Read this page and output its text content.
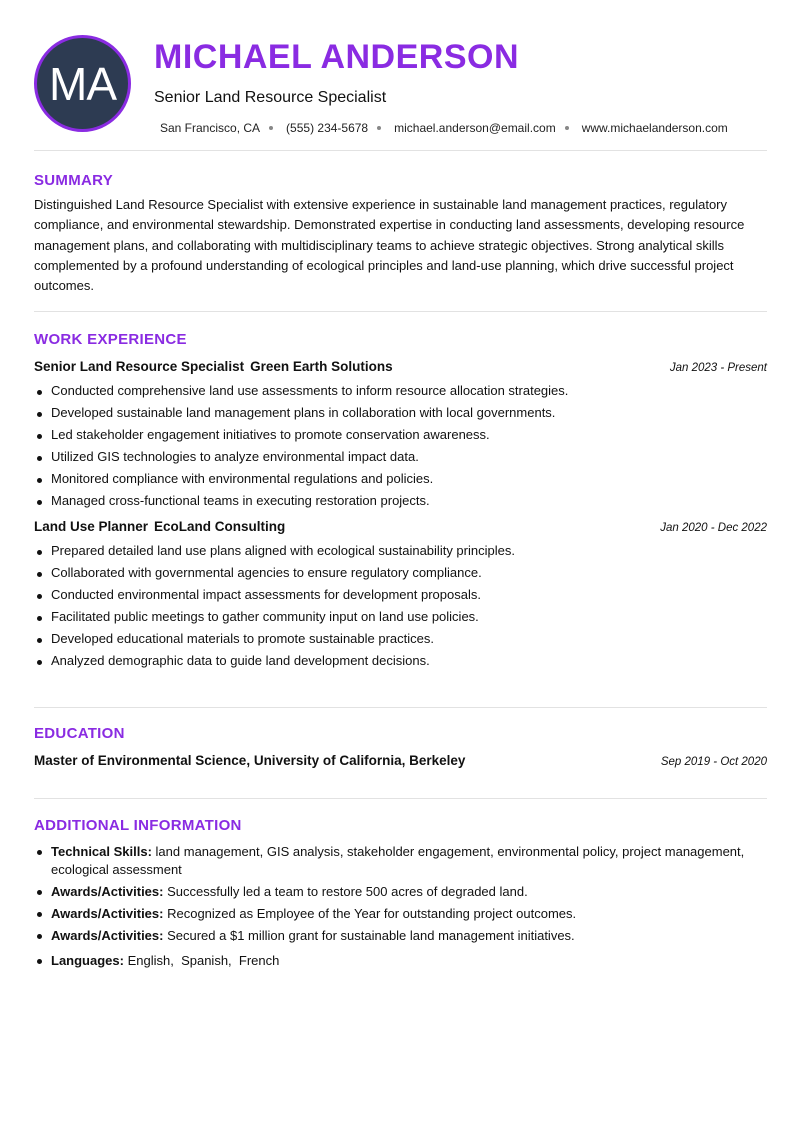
MA
MICHAEL ANDERSON
Senior Land Resource Specialist
San Francisco, CA (555) 234-5678 michael.anderson@email.com www.michaelanderson.com
SUMMARY
Distinguished Land Resource Specialist with extensive experience in sustainable land management practices, regulatory compliance, and environmental stewardship. Demonstrated expertise in conducting land assessments, developing resource management plans, and collaborating with multidisciplinary teams to achieve strategic objectives. Strong analytical skills complemented by a profound understanding of ecological principles and land-use planning, which drive successful project outcomes.
WORK EXPERIENCE
Senior Land Resource Specialist Green Earth Solutions	Jan 2023 - Present
Conducted comprehensive land use assessments to inform resource allocation strategies.
Developed sustainable land management plans in collaboration with local governments.
Led stakeholder engagement initiatives to promote conservation awareness.
Utilized GIS technologies to analyze environmental impact data.
Monitored compliance with environmental regulations and policies.
Managed cross-functional teams in executing restoration projects.
Land Use Planner EcoLand Consulting	Jan 2020 - Dec 2022
Prepared detailed land use plans aligned with ecological sustainability principles.
Collaborated with governmental agencies to ensure regulatory compliance.
Conducted environmental impact assessments for development proposals.
Facilitated public meetings to gather community input on land use policies.
Developed educational materials to promote sustainable practices.
Analyzed demographic data to guide land development decisions.
EDUCATION
Master of Environmental Science, University of California, Berkeley	Sep 2019 - Oct 2020
ADDITIONAL INFORMATION
Technical Skills: land management, GIS analysis, stakeholder engagement, environmental policy, project management, ecological assessment
Awards/Activities: Successfully led a team to restore 500 acres of degraded land.
Awards/Activities: Recognized as Employee of the Year for outstanding project outcomes.
Awards/Activities: Secured a $1 million grant for sustainable land management initiatives.
Languages: English,  Spanish,  French
